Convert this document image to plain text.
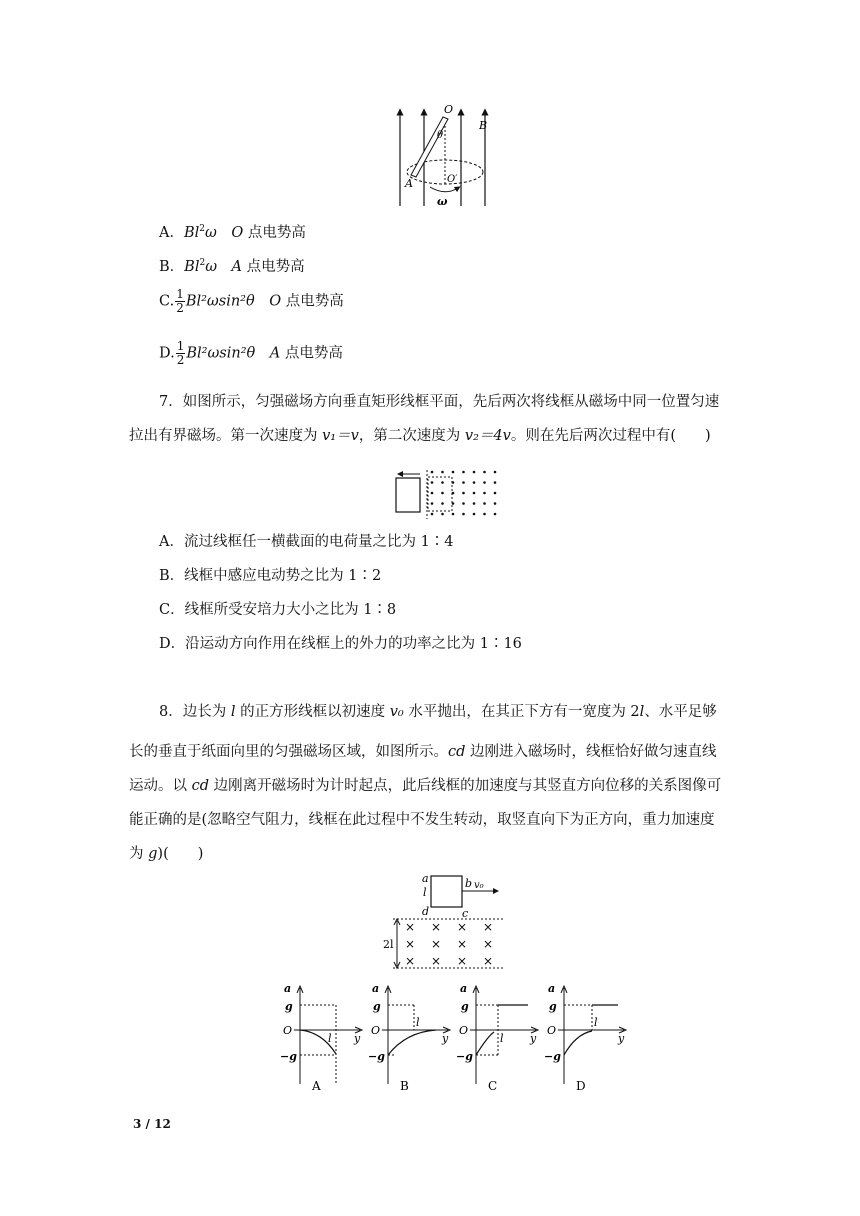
O
θ
B
A	O′
ω
A．Bl$^2$ω　 O 点电势高
B．Bl$^2$ω　 A 点电势高
C. $\frac{1}{2} Bl^2\omega\sin^2\theta$　 O 点电势高
D. $\frac{1}{2} Bl^2\omega\sin^2\theta$　 A 点电势高
7．如图所示，匀强磁场方向垂直矩形线框平面，先后两次将线框从磁场中同一位置匀速
拉出有界磁场。第一次速度为 v₁＝v，第二次速度为 v₂＝4v。则在先后两次过程中有(　　)
A．流过线框任一横截面的电荷量之比为 1∶4
B．线框中感应电动势之比为 1∶2
C．线框所受安培力大小之比为 1∶8
D．沿运动方向作用在线框上的外力的功率之比为 1∶16
8．边长为 l 的正方形线框以初速度 v₀ 水平抛出，在其正下方有一宽度为 2l、水平足够
长的垂直于纸面向里的匀强磁场区域，如图所示。cd 边刚进入磁场时，线框恰好做匀速直线
运动。以 cd 边刚离开磁场时为计时起点，此后线框的加速度与其竖直方向位移的关系图像可
能正确的是(忽略空气阻力，线框在此过程中不发生转动，取竖直向下为正方向，重力加速度
为 g)(　　)
a
l
d
b
c
v₀
2l
× × × ×
× × × ×
× × × ×
a
y
g
−g
O
A
l
a
y
g
−g
O
B
l
a
y
g
−g
O
C
l
a
y
g
−g
O
D
l
3 / 12
